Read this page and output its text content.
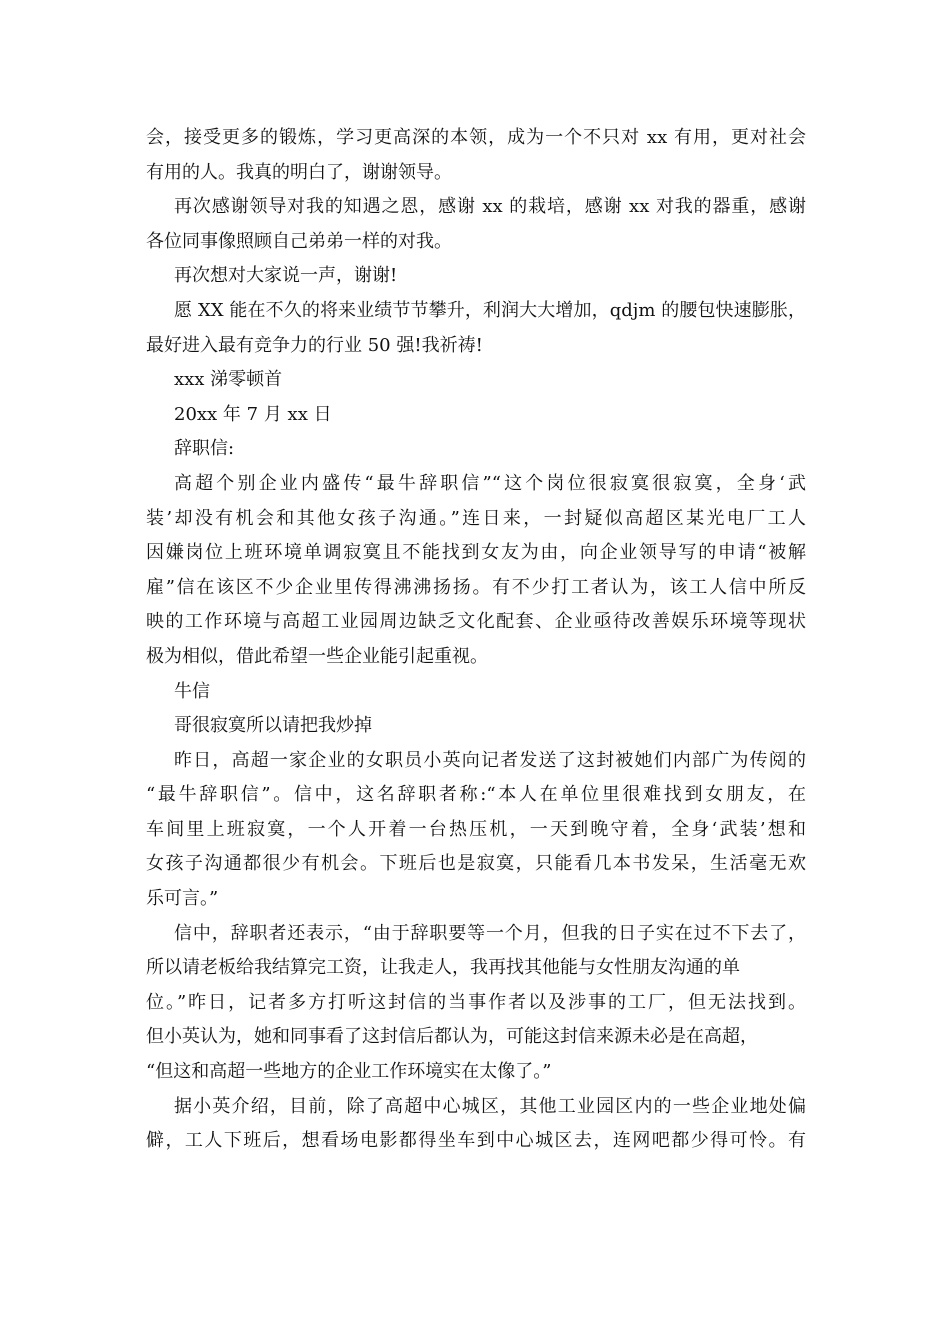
会，接受更多的锻炼，学习更高深的本领，成为一个不只对 xx 有用，更对社会
有用的人。我真的明白了，谢谢领导。
再次感谢领导对我的知遇之恩，感谢 xx 的栽培，感谢 xx 对我的器重，感谢
各位同事像照顾自己弟弟一样的对我。
再次想对大家说一声，谢谢!
愿 XX 能在不久的将来业绩节节攀升，利润大大增加，qdjm 的腰包快速膨胀，
最好进入最有竞争力的行业 50 强!我祈祷!
xxx 涕零顿首
20xx 年 7 月 xx 日
辞职信:
高超个别企业内盛传“最牛辞职信”“这个岗位很寂寞很寂寞，全身‘武
装’却没有机会和其他女孩子沟通。”连日来，一封疑似高超区某光电厂工人
因嫌岗位上班环境单调寂寞且不能找到女友为由，向企业领导写的申请“被解
雇”信在该区不少企业里传得沸沸扬扬。有不少打工者认为，该工人信中所反
映的工作环境与高超工业园周边缺乏文化配套、企业亟待改善娱乐环境等现状
极为相似，借此希望一些企业能引起重视。
牛信
哥很寂寞所以请把我炒掉
昨日，高超一家企业的女职员小英向记者发送了这封被她们内部广为传阅的
“最牛辞职信”。信中，这名辞职者称:“本人在单位里很难找到女朋友，在
车间里上班寂寞，一个人开着一台热压机，一天到晚守着，全身‘武装’想和
女孩子沟通都很少有机会。下班后也是寂寞，只能看几本书发呆，生活毫无欢
乐可言。”
信中，辞职者还表示，“由于辞职要等一个月，但我的日子实在过不下去了，
所以请老板给我结算完工资，让我走人，我再找其他能与女性朋友沟通的单
位。”昨日，记者多方打听这封信的当事作者以及涉事的工厂，但无法找到。
但小英认为，她和同事看了这封信后都认为，可能这封信来源未必是在高超，
“但这和高超一些地方的企业工作环境实在太像了。”
据小英介绍，目前，除了高超中心城区，其他工业园区内的一些企业地处偏
僻，工人下班后，想看场电影都得坐车到中心城区去，连网吧都少得可怜。有
